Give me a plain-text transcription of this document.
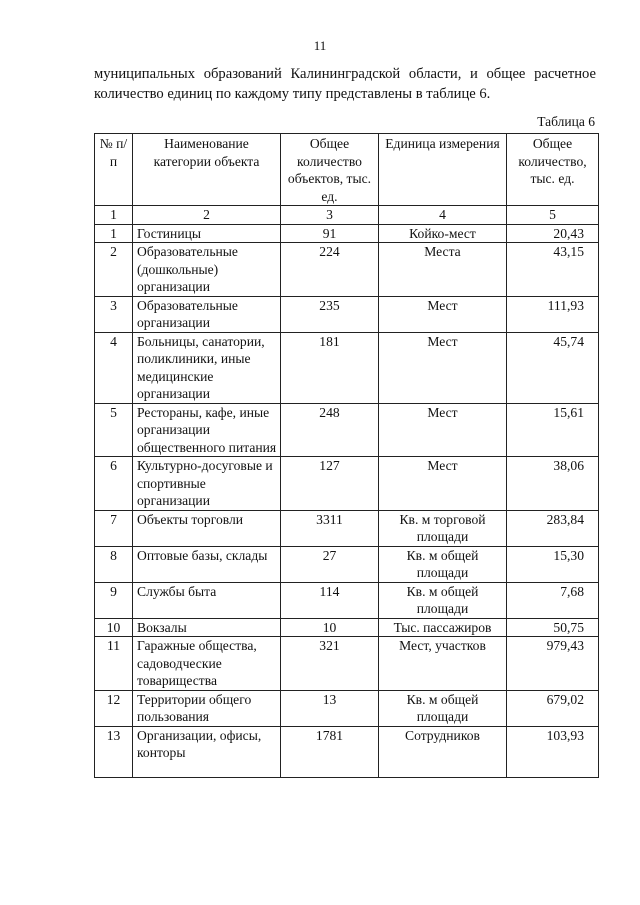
11
муниципальных образований Калининградской области, и общее расчетное количество единиц по каждому типу представлены в таблице 6.
Таблица 6
№ п/п	Наименование категории объекта	Общее количество объектов, тыс. ед.	Единица измерения	Общее количество, тыс. ед.
1	2	3	4	5
1	Гостиницы	91	Койко-мест	20,43
2	Образовательные (дошкольные) организации	224	Места	43,15
3	Образовательные организации	235	Мест	111,93
4	Больницы, санатории, поликлиники, иные медицинские организации	181	Мест	45,74
5	Рестораны, кафе, иные организации общественного питания	248	Мест	15,61
6	Культурно-досуговые и спортивные организации	127	Мест	38,06
7	Объекты торговли	3311	Кв. м торговой площади	283,84
8	Оптовые базы, склады	27	Кв. м общей площади	15,30
9	Службы быта	114	Кв. м общей площади	7,68
10	Вокзалы	10	Тыс. пассажиров	50,75
11	Гаражные общества, садоводческие товарищества	321	Мест, участков	979,43
12	Территории общего пользования	13	Кв. м общей площади	679,02
13	Организации, офисы, конторы	1781	Сотрудников	103,93
